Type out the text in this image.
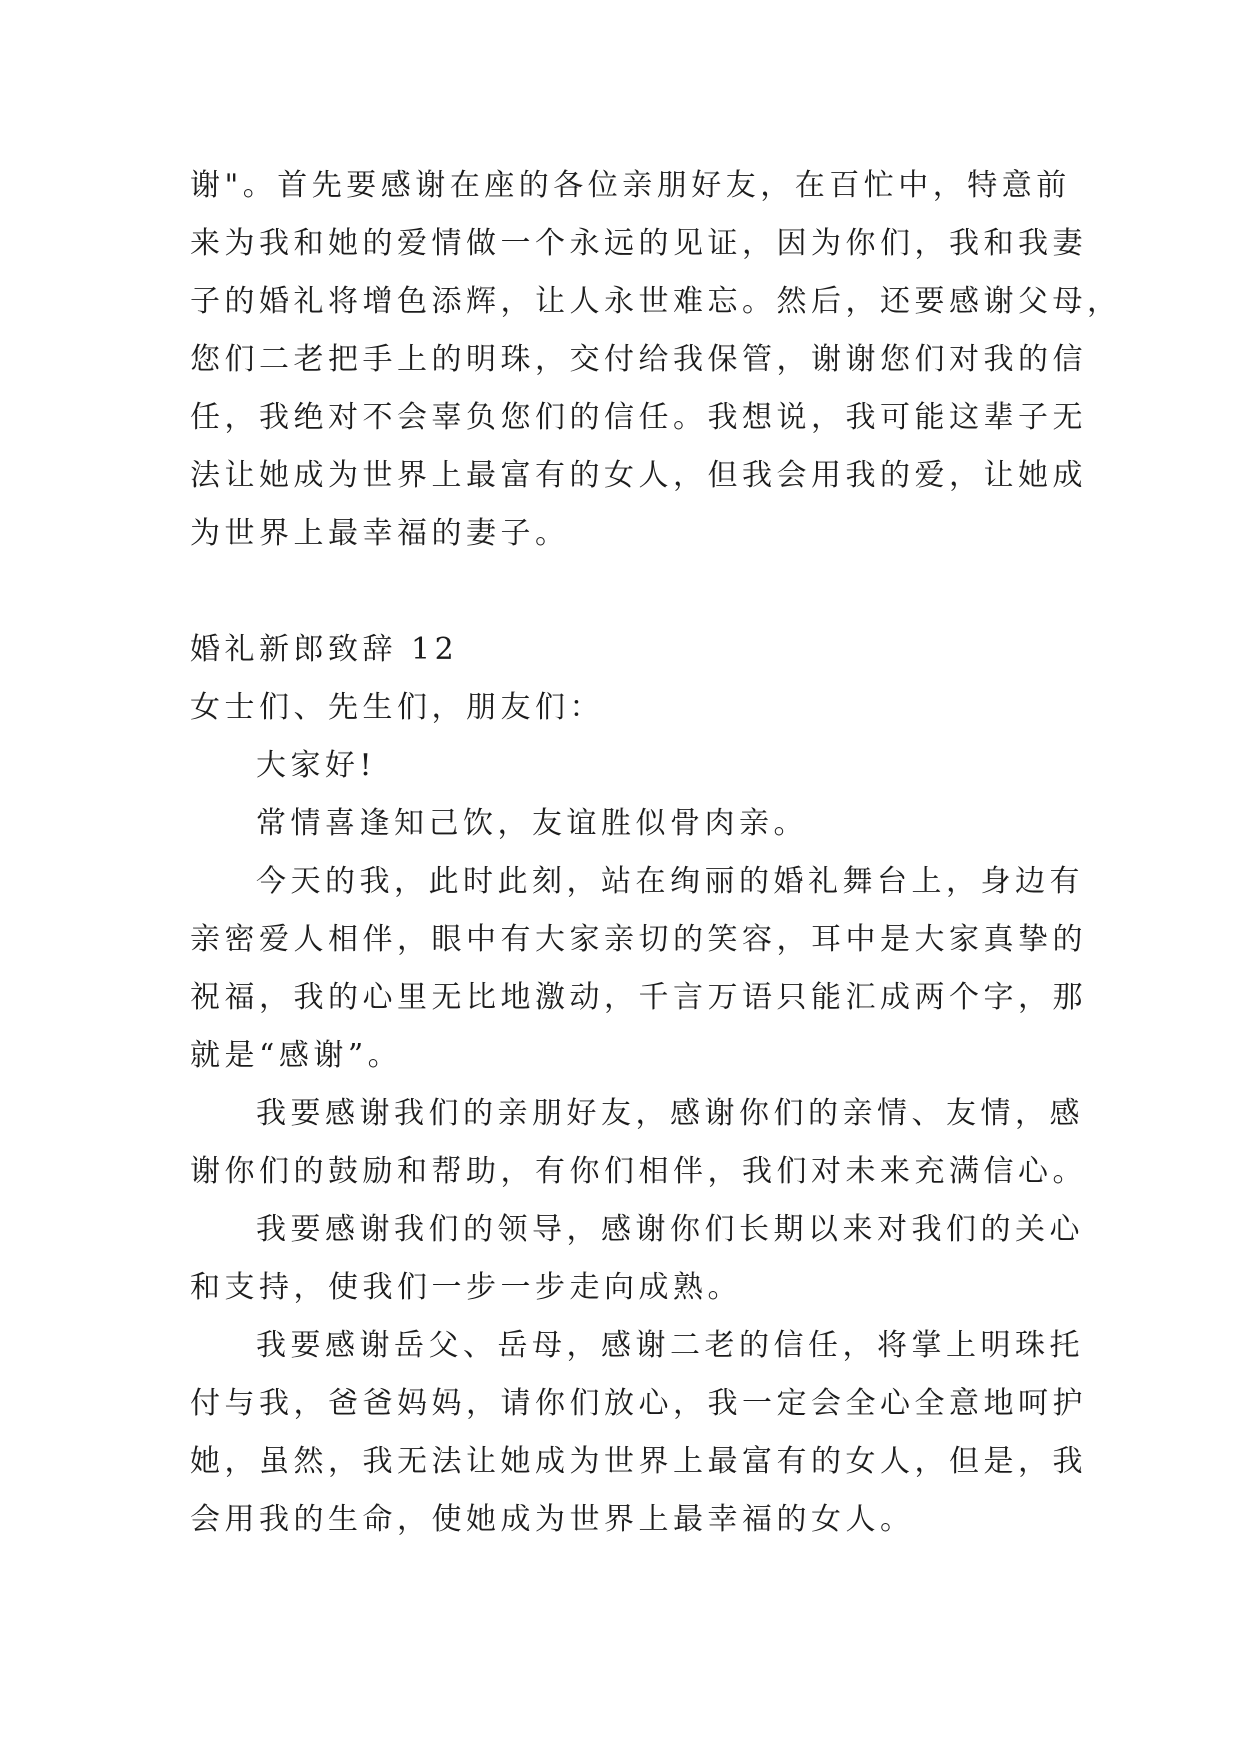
谢"。首先要感谢在座的各位亲朋好友，在百忙中，特意前
来为我和她的爱情做一个永远的见证，因为你们，我和我妻
子的婚礼将增色添辉，让人永世难忘。然后，还要感谢父母，
您们二老把手上的明珠，交付给我保管，谢谢您们对我的信
任，我绝对不会辜负您们的信任。我想说，我可能这辈子无
法让她成为世界上最富有的女人，但我会用我的爱，让她成
为世界上最幸福的妻子。
婚礼新郎致辞 12
女士们、先生们，朋友们：
大家好!
常情喜逢知己饮，友谊胜似骨肉亲。
今天的我，此时此刻，站在绚丽的婚礼舞台上，身边有
亲密爱人相伴，眼中有大家亲切的笑容，耳中是大家真挚的
祝福，我的心里无比地激动，千言万语只能汇成两个字，那
就是“感谢”。
我要感谢我们的亲朋好友，感谢你们的亲情、友情，感
谢你们的鼓励和帮助，有你们相伴，我们对未来充满信心。
我要感谢我们的领导，感谢你们长期以来对我们的关心
和支持，使我们一步一步走向成熟。
我要感谢岳父、岳母，感谢二老的信任，将掌上明珠托
付与我，爸爸妈妈，请你们放心，我一定会全心全意地呵护
她，虽然，我无法让她成为世界上最富有的女人，但是，我
会用我的生命，使她成为世界上最幸福的女人。
